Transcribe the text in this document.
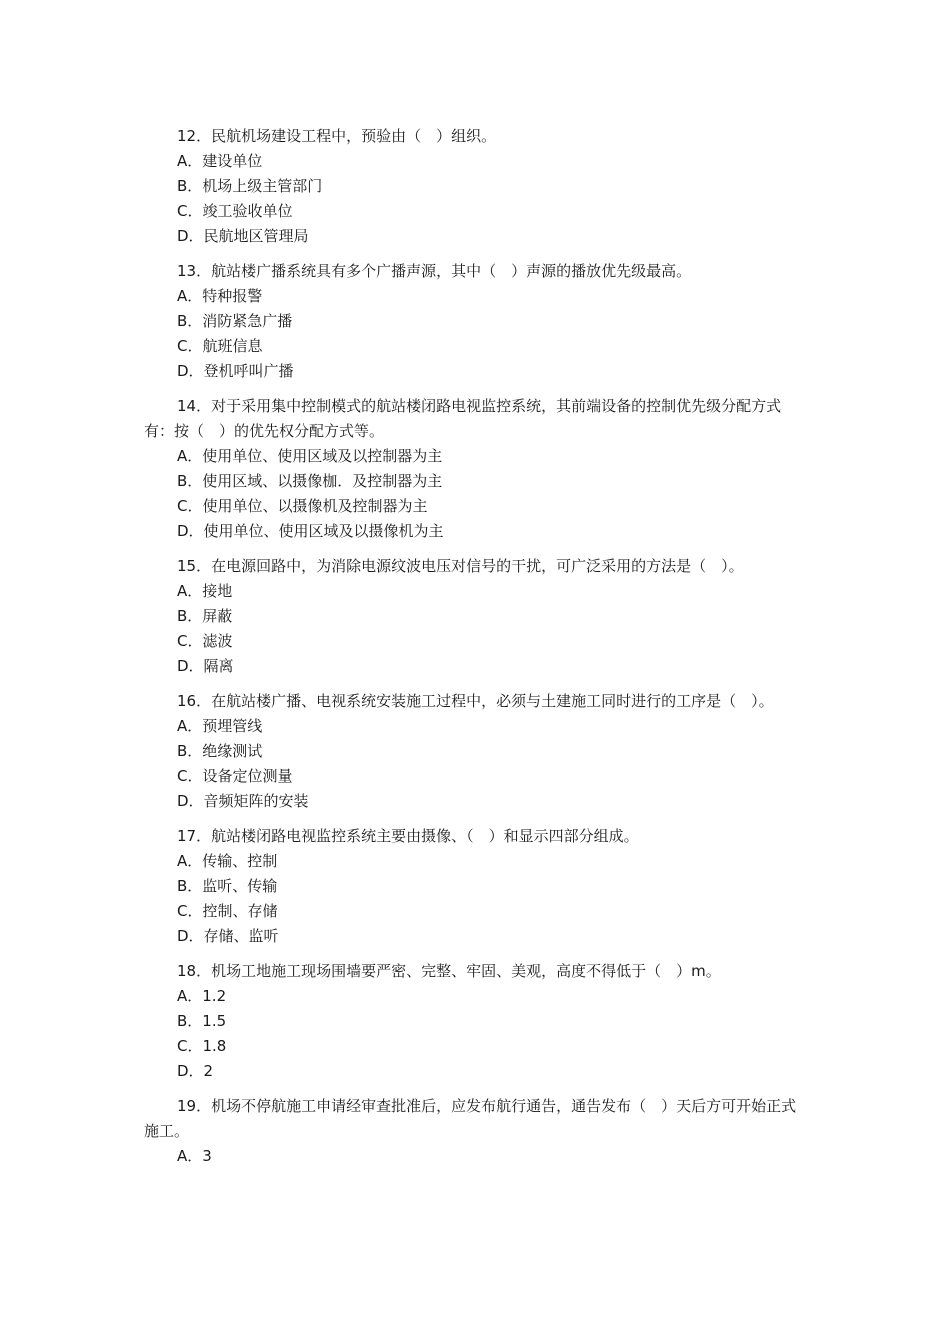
12．民航机场建设工程中，预验由（　）组织。

A．建设单位

B．机场上级主管部门

C．竣工验收单位

D．民航地区管理局

13．航站楼广播系统具有多个广播声源，其中（　）声源的播放优先级最高。

A．特种报警

B．消防紧急广播

C．航班信息

D．登机呼叫广播

14．对于采用集中控制模式的航站楼闭路电视监控系统，其前端设备的控制优先级分配方式有：按（　）的优先权分配方式等。

A．使用单位、使用区域及以控制器为主

B．使用区域、以摄像枷．及控制器为主

C．使用单位、以摄像机及控制器为主

D．使用单位、使用区域及以摄像机为主

15．在电源回路中，为消除电源纹波电压对信号的干扰，可广泛采用的方法是（　）。

A．接地

B．屏蔽

C．滤波

D．隔离

16．在航站楼广播、电视系统安装施工过程中，必须与土建施工同时进行的工序是（　）。

A．预埋管线

B．绝缘测试

C．设备定位测量

D．音频矩阵的安装

17．航站楼闭路电视监控系统主要由摄像、（　）和显示四部分组成。

A．传输、控制

B．监听、传输

C．控制、存储

D．存储、监听

18．机场工地施工现场围墙要严密、完整、牢固、美观，高度不得低于（　）m。

A．1.2

B．1.5

C．1.8

D．2

19．机场不停航施工申请经审查批准后，应发布航行通告，通告发布（　）天后方可开始正式施工。

A．3
